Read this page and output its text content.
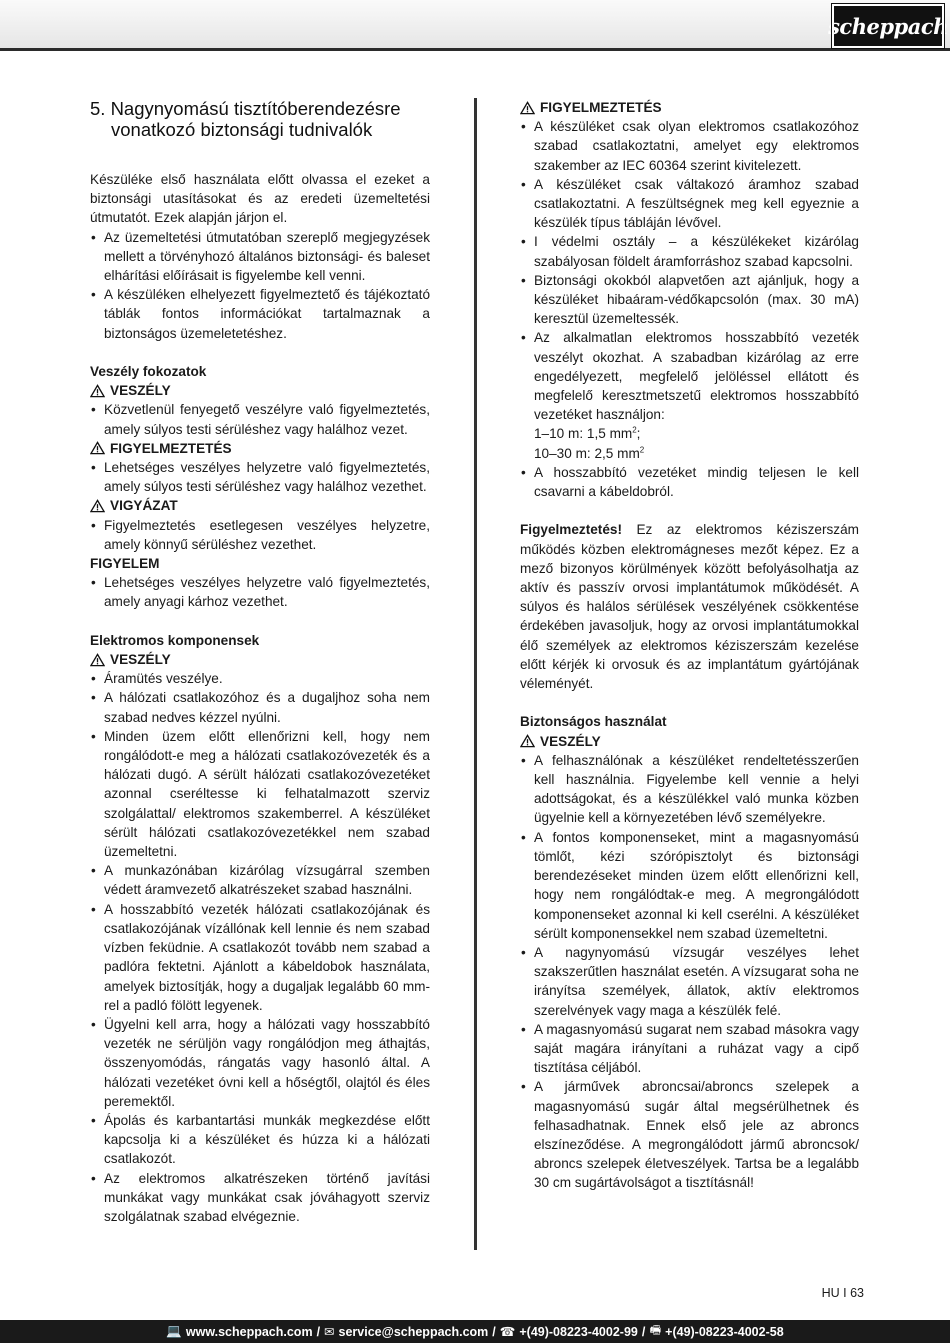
scheppach
5. Nagynyomású tisztítóberendezésre
vonatkozó biztonsági tudnivalók

Készüléke első használata előtt olvassa el ezeket a biztonsági utasításokat és az eredeti üzemeltetési útmutatót. Ezek alapján járjon el.

• Az üzemeltetési útmutatóban szereplő megjegyzések mellett a törvényhozó általános biztonsági- és baleset elhárítási előírásait is figyelembe kell venni.
• A készüléken elhelyezett figyelmeztető és tájékoztató táblák fontos információkat tartalmaznak a biztonságos üzemeletetéshez.
Veszély fokozatok
VESZÉLY
• Közvetlenül fenyegető veszélyre való figyelmeztetés, amely súlyos testi sérüléshez vagy halálhoz vezet.
FIGYELMEZTETÉS
• Lehetséges veszélyes helyzetre való figyelmeztetés, amely súlyos testi sérüléshez vagy halálhoz vezethet.
VIGYÁZAT
• Figyelmeztetés esetlegesen veszélyes helyzetre, amely könnyű sérüléshez vezethet.
FIGYELEM
• Lehetséges veszélyes helyzetre való figyelmeztetés, amely anyagi kárhoz vezethet.
Elektromos komponensek
VESZÉLY
• Áramütés veszélye.
• A hálózati csatlakozóhoz és a dugaljhoz soha nem szabad nedves kézzel nyúlni.
• Minden üzem előtt ellenőrizni kell, hogy nem rongálódott-e meg a hálózati csatlakozóvezeték és a hálózati dugó. A sérült hálózati csatlakozóvezetéket azonnal cseréltesse ki felhatalmazott szerviz szolgálattal/ elektromos szakemberrel. A készüléket sérült hálózati csatlakozóvezetékkel nem szabad üzemeltetni.
• A munkazónában kizárólag vízsugárral szemben védett áramvezető alkatrészeket szabad használni.
• A hosszabbító vezeték hálózati csatlakozójának és csatlakozójának vízállónak kell lennie és nem szabad vízben feküdnie. A csatlakozót tovább nem szabad a padlóra fektetni. Ajánlott a kábeldobok használata, amelyek biztosítják, hogy a dugaljak legalább 60 mm-rel a padló fölött legyenek.
• Ügyelni kell arra, hogy a hálózati vagy hosszabbító vezeték ne sérüljön vagy rongálódjon meg áthajtás, összenyomódás, rángatás vagy hasonló által. A hálózati vezetéket óvni kell a hőségtől, olajtól és éles peremektől.
• Ápolás és karbantartási munkák megkezdése előtt kapcsolja ki a készüléket és húzza ki a hálózati csatlakozót.
• Az elektromos alkatrészeken történő javítási munkákat vagy munkákat csak jóváhagyott szerviz szolgálatnak szabad elvégeznie.
FIGYELMEZTETÉS
• A készüléket csak olyan elektromos csatlakozóhoz szabad csatlakoztatni, amelyet egy elektromos szakember az IEC 60364 szerint kivitelezett.
• A készüléket csak váltakozó áramhoz szabad csatlakoztatni. A feszültségnek meg kell egyeznie a készülék típus tábláján lévővel.
• I védelmi osztály – a készülékeket kizárólag szabályosan földelt áramforráshoz szabad kapcsolni.
• Biztonsági okokból alapvetően azt ajánljuk, hogy a készüléket hibaáram-védőkapcsolón (max. 30 mA) keresztül üzemeltessék.
• Az alkalmatlan elektromos hosszabbító vezeték veszélyt okozhat. A szabadban kizárólag az erre engedélyezett, megfelelő jelöléssel ellátott és megfelelő keresztmetszetű elektromos hosszabbító vezetéket használjon:
1–10 m: 1,5 $mm^2$;
10–30 m: 2,5 $mm^2$
• A hosszabbító vezetéket mindig teljesen le kell csavarni a kábeldobról.

Figyelmeztetés! Ez az elektromos kéziszerszám működés közben elektromágneses mezőt képez. Ez a mező bizonyos körülmények között befolyásolhatja az aktív és passzív orvosi implantátumok működését. A súlyos és halálos sérülések veszélyének csökkentése érdekében javasoljuk, hogy az orvosi implantátumokkal élő személyek az elektromos kéziszerszám kezelése előtt kérjék ki orvosuk és az implantátum gyártójának véleményét.

Biztonságos használat
VESZÉLY
• A felhasználónak a készüléket rendeltetésszerűen kell használnia. Figyelembe kell vennie a helyi adottságokat, és a készülékkel való munka közben ügyelnie kell a környezetében lévő személyekre.
• A fontos komponenseket, mint a magasnyomású tömlőt, kézi szórópisztolyt és biztonsági berendezéseket minden üzem előtt ellenőrizni kell, hogy nem rongálódtak-e meg. A megrongálódott komponenseket azonnal ki kell cserélni. A készüléket sérült komponensekkel nem szabad üzemeltetni.
• A nagynyomású vízsugár veszélyes lehet szakszerűtlen használat esetén. A vízsugarat soha ne irányítsa személyek, állatok, aktív elektromos szerelvények vagy maga a készülék felé.
• A magasnyomású sugarat nem szabad másokra vagy saját magára irányítani a ruházat vagy a cipő tisztítása céljából.
• A járművek abroncsai/abroncs szelepek a magasnyomású sugár által megsérülhetnek és felhasadhatnak. Ennek első jele az abroncs elszíneződése. A megrongálódott jármű abroncsok/ abroncs szelepek életveszélyek. Tartsa be a legalább 30 cm sugártávolságot a tisztításnál!
HU I 63
💻 www.scheppach.com / ✉ service@scheppach.com / ☎ +(49)-08223-4002-99 / 🖷 +(49)-08223-4002-58
